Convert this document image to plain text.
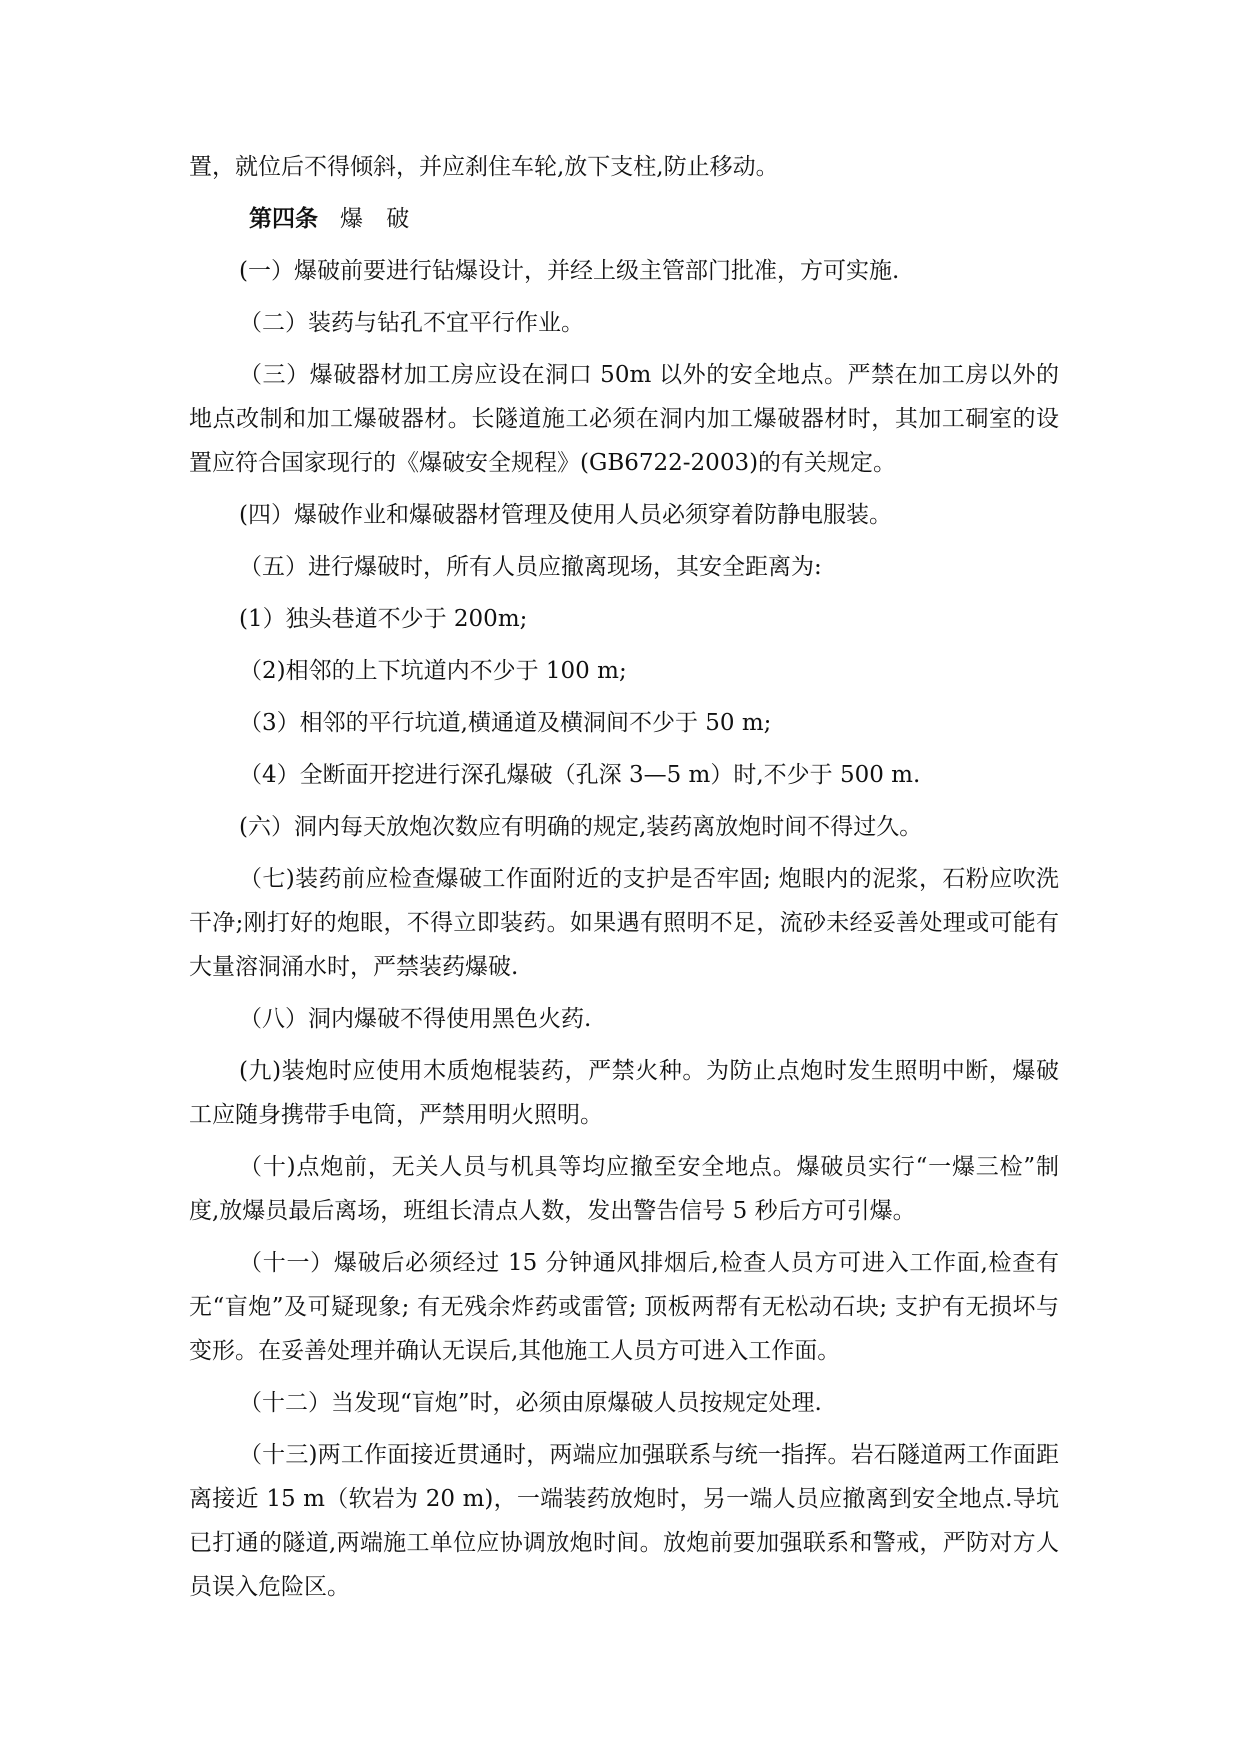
置，就位后不得倾斜，并应刹住车轮,放下支柱,防止移动。

第四条 爆 破

(一）爆破前要进行钻爆设计，并经上级主管部门批准，方可实施.

（二）装药与钻孔不宜平行作业。

（三）爆破器材加工房应设在洞口 50m 以外的安全地点。严禁在加工房以外的地点改制和加工爆破器材。长隧道施工必须在洞内加工爆破器材时，其加工硐室的设置应符合国家现行的《爆破安全规程》(GB6722-2003)的有关规定。

(四）爆破作业和爆破器材管理及使用人员必须穿着防静电服装。

（五）进行爆破时，所有人员应撤离现场，其安全距离为:

(1）独头巷道不少于 200m;

（2)相邻的上下坑道内不少于 100 m;

（3）相邻的平行坑道,横通道及横洞间不少于 50 m;

（4）全断面开挖进行深孔爆破（孔深 3—5 m）时,不少于 500 m.

(六）洞内每天放炮次数应有明确的规定,装药离放炮时间不得过久。

（七)装药前应检查爆破工作面附近的支护是否牢固; 炮眼内的泥浆，石粉应吹洗干净;刚打好的炮眼，不得立即装药。如果遇有照明不足，流砂未经妥善处理或可能有大量溶洞涌水时，严禁装药爆破.

（八）洞内爆破不得使用黑色火药.

(九)装炮时应使用木质炮棍装药，严禁火种。为防止点炮时发生照明中断，爆破工应随身携带手电筒，严禁用明火照明。

（十)点炮前，无关人员与机具等均应撤至安全地点。爆破员实行“一爆三检”制度,放爆员最后离场，班组长清点人数，发出警告信号 5 秒后方可引爆。

（十一）爆破后必须经过 15 分钟通风排烟后,检查人员方可进入工作面,检查有无“盲炮”及可疑现象; 有无残余炸药或雷管; 顶板两帮有无松动石块; 支护有无损坏与变形。在妥善处理并确认无误后,其他施工人员方可进入工作面。

（十二）当发现“盲炮”时，必须由原爆破人员按规定处理.

（十三)两工作面接近贯通时，两端应加强联系与统一指挥。岩石隧道两工作面距离接近 15 m（软岩为 20 m)，一端装药放炮时，另一端人员应撤离到安全地点.导坑已打通的隧道,两端施工单位应协调放炮时间。放炮前要加强联系和警戒，严防对方人员误入危险区。
